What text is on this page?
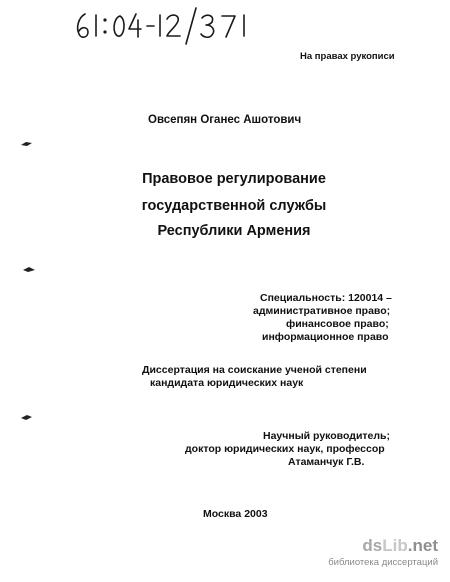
На правах рукописи
Овсепян Оганес Ашотович
Правовое регулирование
государственной службы
Республики Армения
Специальность: 120014 –
административное право;
финансовое право;
информационное право
Диссертация на соискание ученой степени
кандидата юридических наук
Научный руководитель;
доктор юридических наук, профессор
Атаманчук Г.В.
Москва 2003
dsLib.net
библиотека диссертаций
